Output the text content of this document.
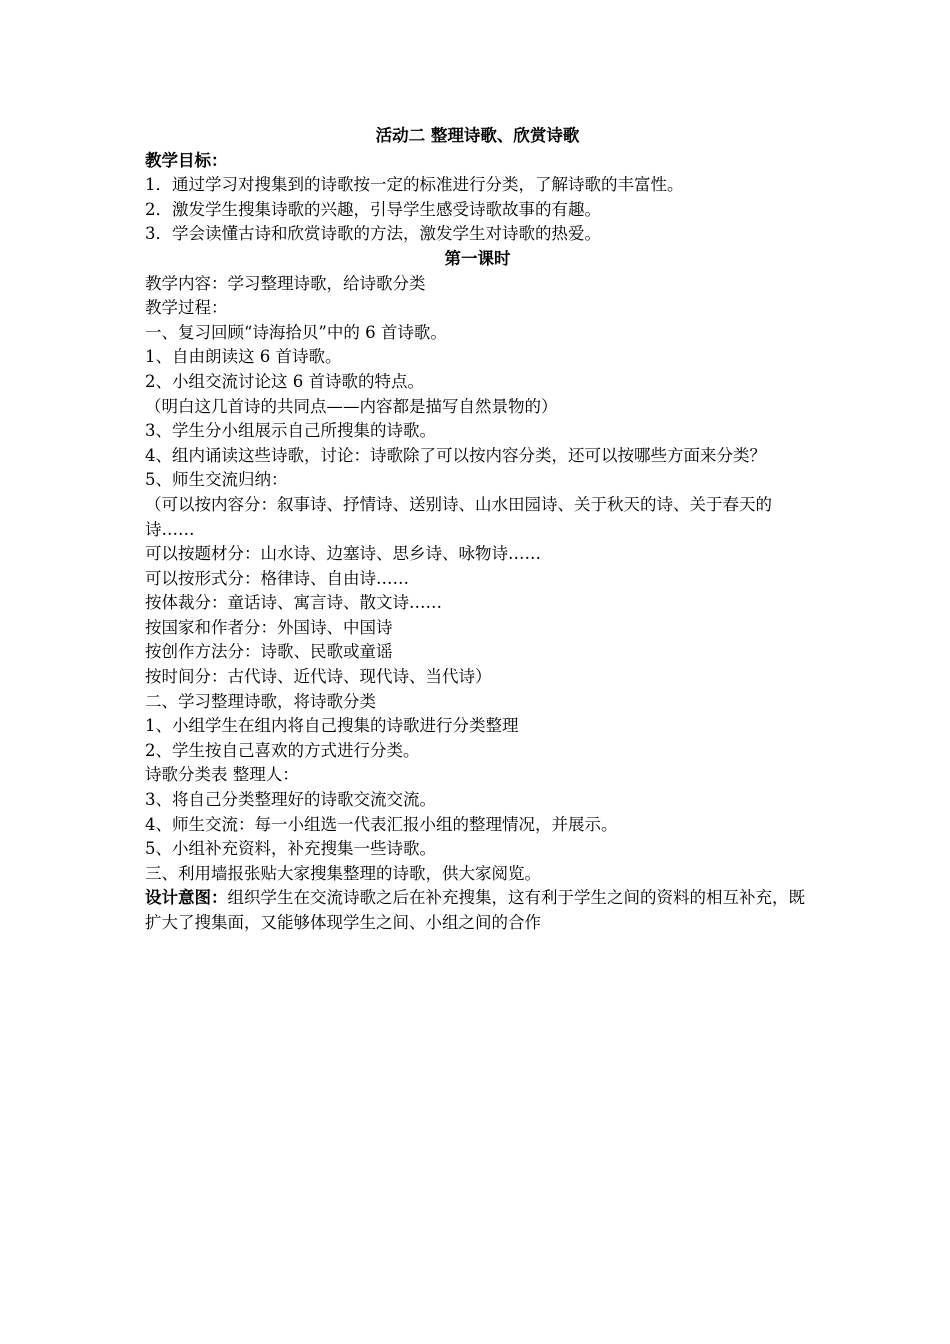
活动二 整理诗歌、欣赏诗歌
教学目标：
1．通过学习对搜集到的诗歌按一定的标准进行分类，了解诗歌的丰富性。
2．激发学生搜集诗歌的兴趣，引导学生感受诗歌故事的有趣。
3．学会读懂古诗和欣赏诗歌的方法，激发学生对诗歌的热爱。
第一课时
教学内容：学习整理诗歌，给诗歌分类
教学过程：
一、复习回顾“诗海拾贝”中的 6 首诗歌。
1、自由朗读这 6 首诗歌。
2、小组交流讨论这 6 首诗歌的特点。
（明白这几首诗的共同点——内容都是描写自然景物的）
3、学生分小组展示自己所搜集的诗歌。
4、组内诵读这些诗歌，讨论：诗歌除了可以按内容分类，还可以按哪些方面来分类？
5、师生交流归纳：
（可以按内容分：叙事诗、抒情诗、送别诗、山水田园诗、关于秋天的诗、关于春天的诗……
可以按题材分：山水诗、边塞诗、思乡诗、咏物诗……
可以按形式分：格律诗、自由诗……
按体裁分：童话诗、寓言诗、散文诗……
按国家和作者分：外国诗、中国诗
按创作方法分：诗歌、民歌或童谣
按时间分：古代诗、近代诗、现代诗、当代诗）
二、学习整理诗歌，将诗歌分类
1、小组学生在组内将自己搜集的诗歌进行分类整理
2、学生按自己喜欢的方式进行分类。
诗歌分类表 整理人：
3、将自己分类整理好的诗歌交流交流。
4、师生交流：每一小组选一代表汇报小组的整理情况，并展示。
5、小组补充资料，补充搜集一些诗歌。
三、利用墙报张贴大家搜集整理的诗歌，供大家阅览。
设计意图：组织学生在交流诗歌之后在补充搜集，这有利于学生之间的资料的相互补充，既扩大了搜集面，又能够体现学生之间、小组之间的合作
